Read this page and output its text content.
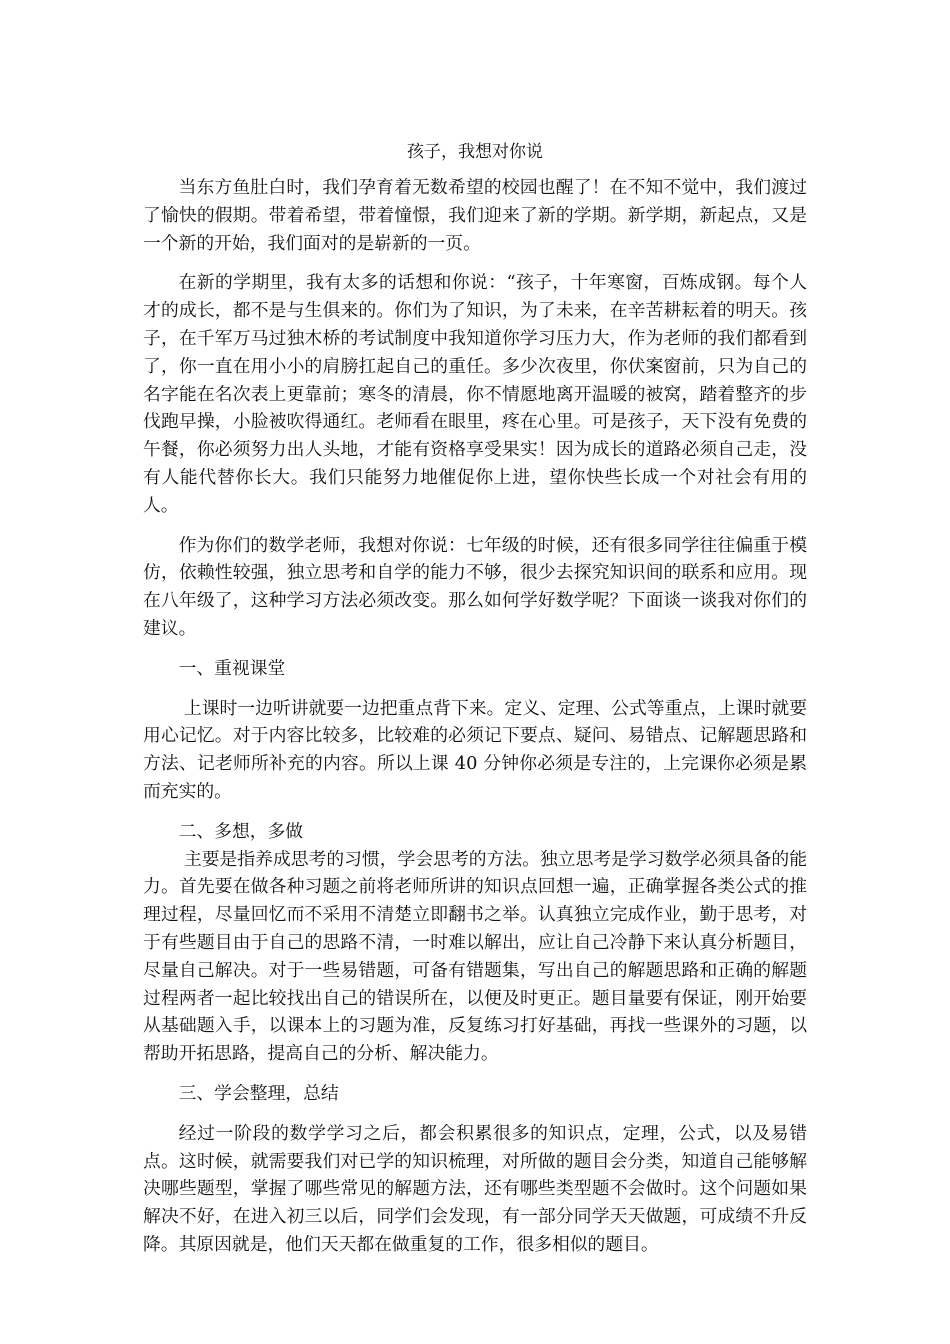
孩子，我想对你说

当东方鱼肚白时，我们孕育着无数希望的校园也醒了！在不知不觉中，我们渡过了愉快的假期。带着希望，带着憧憬，我们迎来了新的学期。新学期，新起点，又是一个新的开始，我们面对的是崭新的一页。

在新的学期里，我有太多的话想和你说：“孩子，十年寒窗，百炼成钢。每个人才的成长，都不是与生俱来的。你们为了知识，为了未来，在辛苦耕耘着的明天。孩子，在千军万马过独木桥的考试制度中我知道你学习压力大，作为老师的我们都看到了，你一直在用小小的肩膀扛起自己的重任。多少次夜里，你伏案窗前，只为自己的名字能在名次表上更靠前；寒冬的清晨，你不情愿地离开温暖的被窝，踏着整齐的步伐跑早操，小脸被吹得通红。老师看在眼里，疼在心里。可是孩子，天下没有免费的午餐，你必须努力出人头地，才能有资格享受果实！因为成长的道路必须自己走，没有人能代替你长大。我们只能努力地催促你上进，望你快些长成一个对社会有用的人。

作为你们的数学老师，我想对你说：七年级的时候，还有很多同学往往偏重于模仿，依赖性较强，独立思考和自学的能力不够，很少去探究知识间的联系和应用。现在八年级了，这种学习方法必须改变。那么如何学好数学呢？下面谈一谈我对你们的建议。

一、重视课堂

上课时一边听讲就要一边把重点背下来。定义、定理、公式等重点，上课时就要用心记忆。对于内容比较多，比较难的必须记下要点、疑问、易错点、记解题思路和方法、记老师所补充的内容。所以上课 40 分钟你必须是专注的，上完课你必须是累而充实的。

二、多想，多做

主要是指养成思考的习惯，学会思考的方法。独立思考是学习数学必须具备的能力。首先要在做各种习题之前将老师所讲的知识点回想一遍，正确掌握各类公式的推理过程，尽量回忆而不采用不清楚立即翻书之举。认真独立完成作业，勤于思考，对于有些题目由于自己的思路不清，一时难以解出，应让自己冷静下来认真分析题目，尽量自己解决。对于一些易错题，可备有错题集，写出自己的解题思路和正确的解题过程两者一起比较找出自己的错误所在，以便及时更正。题目量要有保证，刚开始要从基础题入手，以课本上的习题为准，反复练习打好基础，再找一些课外的习题，以帮助开拓思路，提高自己的分析、解决能力。

三、学会整理，总结

经过一阶段的数学学习之后，都会积累很多的知识点，定理，公式，以及易错点。这时候，就需要我们对已学的知识梳理，对所做的题目会分类，知道自己能够解决哪些题型，掌握了哪些常见的解题方法，还有哪些类型题不会做时。这个问题如果解决不好，在进入初三以后，同学们会发现，有一部分同学天天做题，可成绩不升反降。其原因就是，他们天天都在做重复的工作，很多相似的题目。
